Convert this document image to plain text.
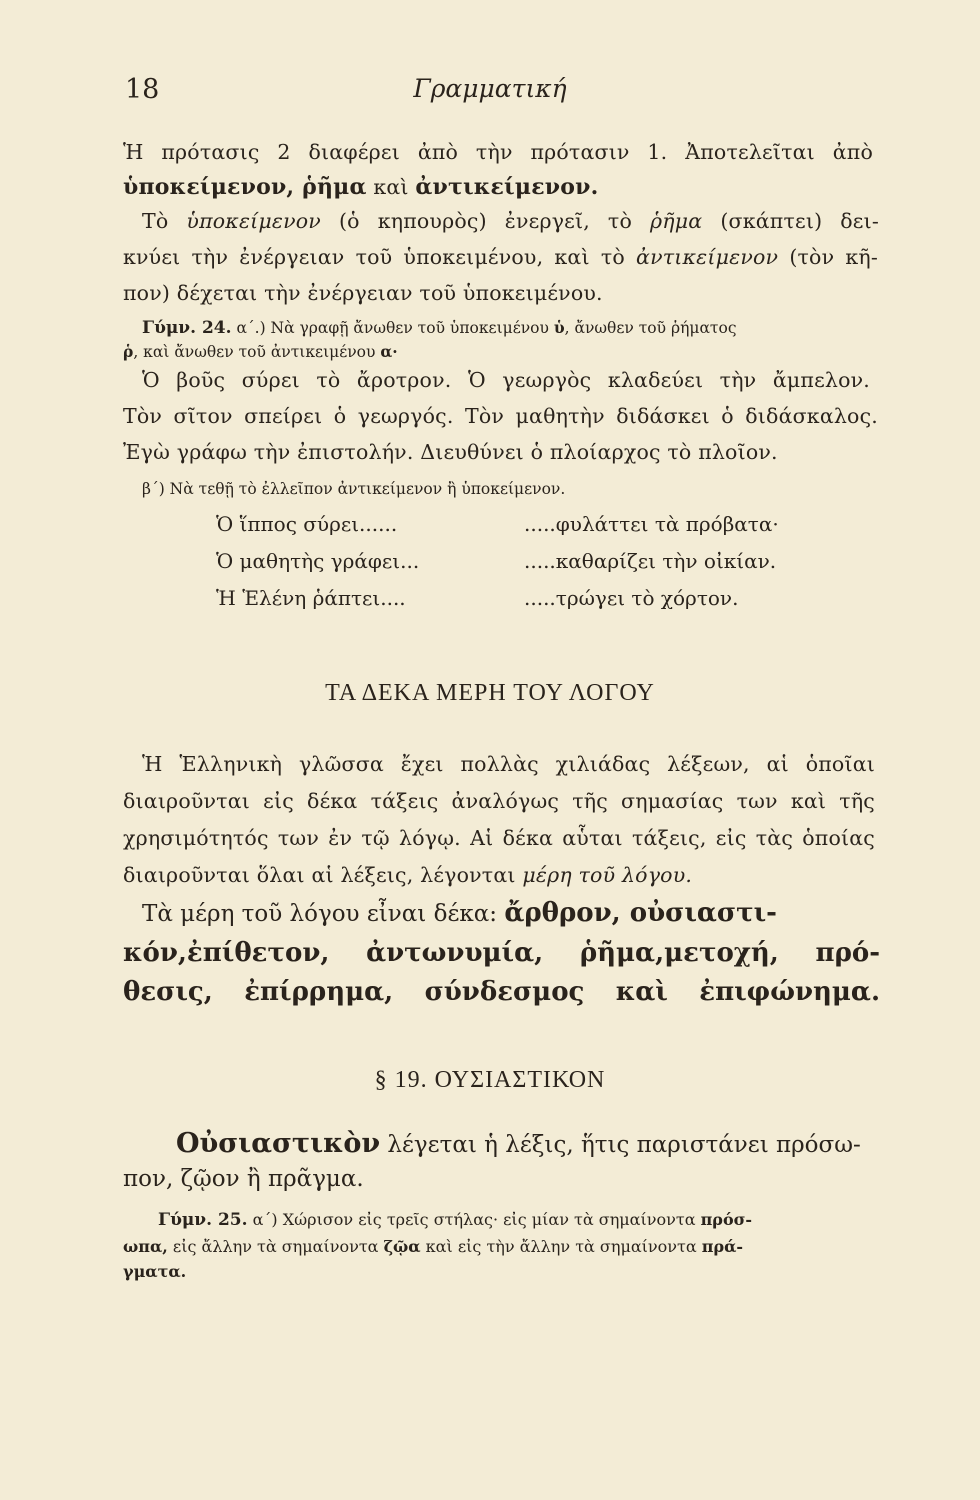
18	Γραμματική
Ἡ πρότασις 2 διαφέρει ἀπὸ τὴν πρότασιν 1. Ἀποτελεῖται ἀπὸ
ὑποκείμενον, ῥῆμα καὶ ἀντικείμενον.
Τὸ ὑποκείμενον (ὁ κηπουρὸς) ἐνεργεῖ, τὸ ῥῆμα (σκάπτει) δει-
κνύει τὴν ἐνέργειαν τοῦ ὑποκειμένου, καὶ τὸ ἀντικείμενον (τὸν κῆ-
πον) δέχεται τὴν ἐνέργειαν τοῦ ὑποκειμένου.
Γύμν. 24. α΄.) Νὰ γραφῇ ἄνωθεν τοῦ ὑποκειμένου ὑ, ἄνωθεν τοῦ ῥήματος
ῥ, καὶ ἄνωθεν τοῦ ἀντικειμένου α·
Ὁ βοῦς σύρει τὸ ἄροτρον. Ὁ γεωργὸς κλαδεύει τὴν ἄμπελον.
Τὸν σῖτον σπείρει ὁ γεωργός. Τὸν μαθητὴν διδάσκει ὁ διδάσκαλος.
Ἐγὼ γράφω τὴν ἐπιστολήν. Διευθύνει ὁ πλοίαρχος τὸ πλοῖον.
β΄) Νὰ τεθῇ τὸ ἐλλεῖπον ἀντικείμενον ἢ ὑποκείμενον.
Ὁ ἵππος σύρει......	.....φυλάττει τὰ πρόβατα·
Ὁ μαθητὴς γράφει...	.....καθαρίζει τὴν οἰκίαν.
Ἡ Ἑλένη ῥάπτει....	.....τρώγει τὸ χόρτον.
ΤΑ ΔΕΚΑ ΜΕΡΗ ΤΟΥ ΛΟΓΟΥ
Ἡ Ἑλληνικὴ γλῶσσα ἔχει πολλὰς χιλιάδας λέξεων, αἱ ὁποῖαι
διαιροῦνται εἰς δέκα τάξεις ἀναλόγως τῆς σημασίας των καὶ τῆς
χρησιμότητός των ἐν τῷ λόγῳ. Αἱ δέκα αὗται τάξεις, εἰς τὰς ὁποίας
διαιροῦνται ὅλαι αἱ λέξεις, λέγονται μέρη τοῦ λόγου.
Τὰ μέρη τοῦ λόγου εἶναι δέκα: ἄρθρον, οὐσιαστι-
κόν,ἐπίθετον, ἀντωνυμία, ῥῆμα,μετοχή, πρό-
θεσις, ἐπίρρημα, σύνδεσμος καὶ ἐπιφώνημα.
§ 19. ΟΥΣΙΑΣΤΙΚΟΝ
Οὐσιαστικὸν λέγεται ἡ λέξις, ἥτις παριστάνει πρόσω-
πον, ζῷον ἢ πρᾶγμα.
Γύμν. 25. α΄) Χώρισον εἰς τρεῖς στήλας· εἰς μίαν τὰ σημαίνοντα πρόσ-
ωπα, εἰς ἄλλην τὰ σημαίνοντα ζῷα καὶ εἰς τὴν ἄλλην τὰ σημαίνοντα πρά-
γματα.
